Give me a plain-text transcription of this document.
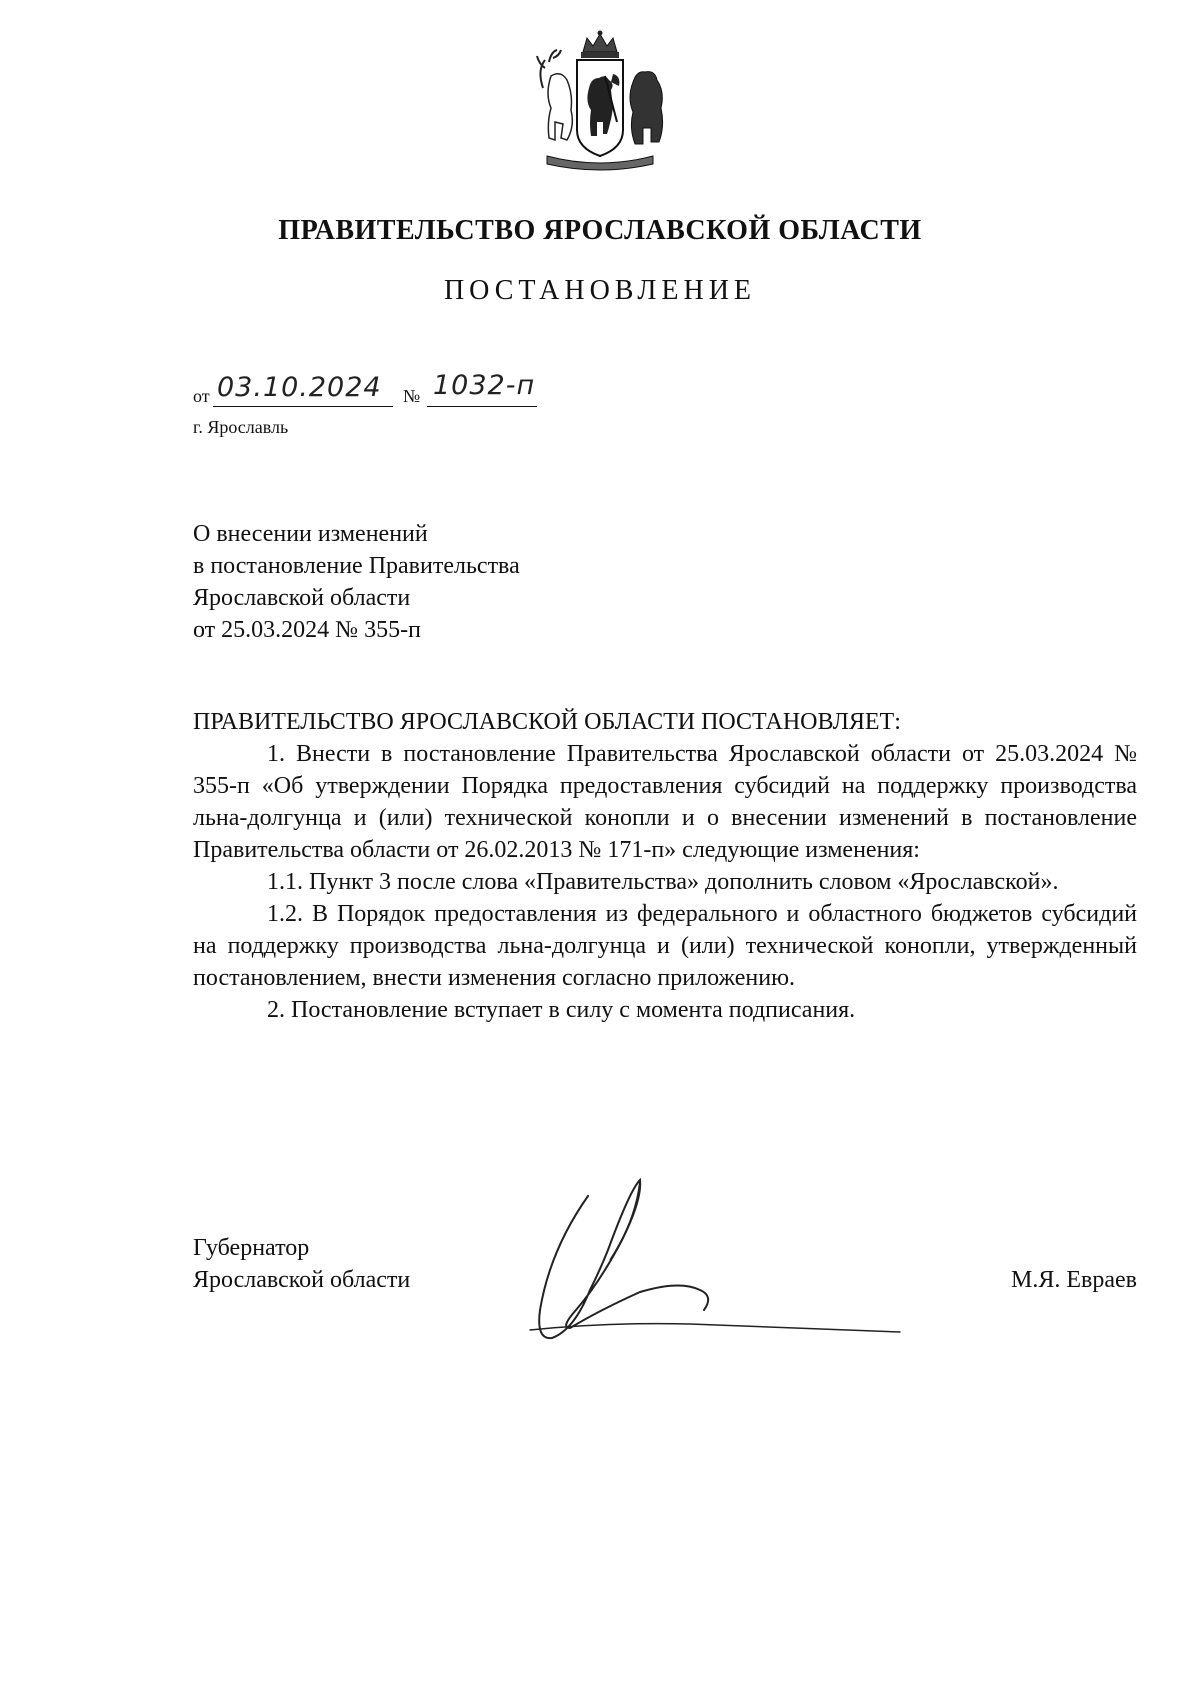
ПРАВИТЕЛЬСТВО ЯРОСЛАВСКОЙ ОБЛАСТИ
ПОСТАНОВЛЕНИЕ
от 03.10.2024 № 1032-п
г. Ярославль
О внесении изменений
в постановление Правительства
Ярославской области
от 25.03.2024 № 355-п

ПРАВИТЕЛЬСТВО ЯРОСЛАВСКОЙ ОБЛАСТИ ПОСТАНОВЛЯЕТ:

1. Внести в постановление Правительства Ярославской области от 25.03.2024 № 355-п «Об утверждении Порядка предоставления субсидий на поддержку производства льна-долгунца и (или) технической конопли и о внесении изменений в постановление Правительства области от 26.02.2013 № 171-п» следующие изменения:

1.1. Пункт 3 после слова «Правительства» дополнить словом «Ярославской».

1.2. В Порядок предоставления из федерального и областного бюджетов субсидий на поддержку производства льна-долгунца и (или) технической конопли, утвержденный постановлением, внести изменения согласно приложению.

2. Постановление вступает в силу с момента подписания.

Губернатор
Ярославской области	М.Я. Евраев
